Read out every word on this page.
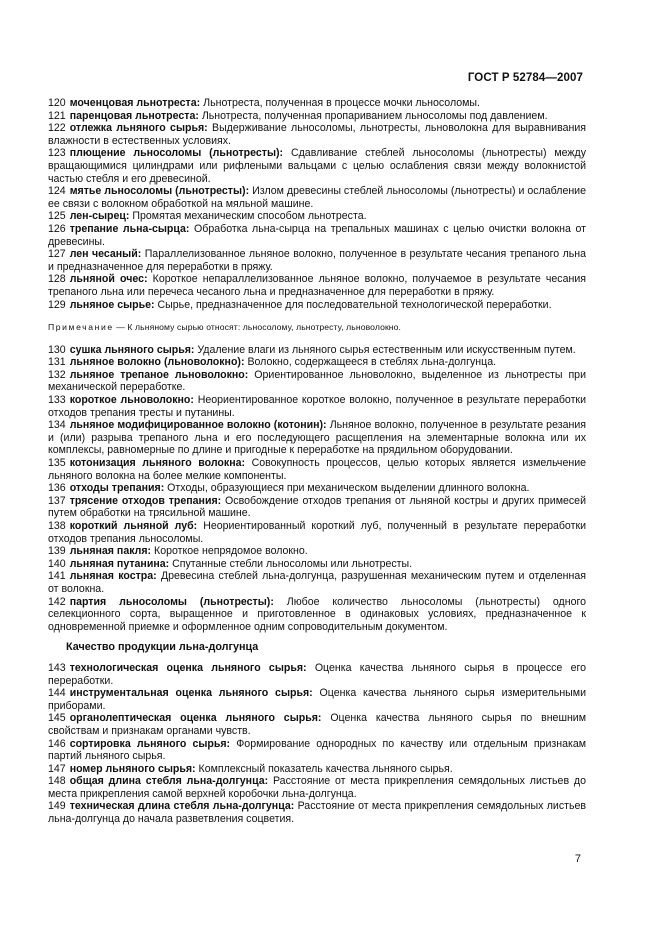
ГОСТ Р 52784—2007

120 моченцовая льнотреста: Льнотреста, полученная в процессе мочки льносоломы.

121 паренцовая льнотреста: Льнотреста, полученная пропариванием льносоломы под давлением.

122 отлежка льняного сырья: Выдерживание льносоломы, льнотресты, льноволокна для выравнивания влажности в естественных условиях.

123 плющение льносоломы (льнотресты): Сдавливание стеблей льносоломы (льнотресты) между вращающимися цилиндрами или рифлеными вальцами с целью ослабления связи между волокнистой частью стебля и его древесиной.

124 мятье льносоломы (льнотресты): Излом древесины стеблей льносоломы (льнотресты) и ослабление ее связи с волокном обработкой на мяльной машине.

125 лен-сырец: Промятая механическим способом льнотреста.

126 трепание льна-сырца: Обработка льна-сырца на трепальных машинах с целью очистки волокна от древесины.

127 лен чесаный: Параллелизованное льняное волокно, полученное в результате чесания трепаного льна и предназначенное для переработки в пряжу.

128 льняной очес: Короткое непараллелизованное льняное волокно, получаемое в результате чесания трепаного льна или перечеса чесаного льна и предназначенное для переработки в пряжу.

129 льняное сырье: Сырье, предназначенное для последовательной технологической переработки.

Примечание — К льняному сырью относят: льносолому, льнотресту, льноволокно.

130 сушка льняного сырья: Удаление влаги из льняного сырья естественным или искусственным путем.

131 льняное волокно (льноволокно): Волокно, содержащееся в стеблях льна-долгунца.

132 льняное трепаное льноволокно: Ориентированное льноволокно, выделенное из льнотресты при механической переработке.

133 короткое льноволокно: Неориентированное короткое волокно, полученное в результате переработки отходов трепания тресты и путанины.

134 льняное модифицированное волокно (котонин): Льняное волокно, полученное в результате резания и (или) разрыва трепаного льна и его последующего расщепления на элементарные волокна или их комплексы, равномерные по длине и пригодные к переработке на прядильном оборудовании.

135 котонизация льняного волокна: Совокупность процессов, целью которых является измельчение льняного волокна на более мелкие компоненты.

136 отходы трепания: Отходы, образующиеся при механическом выделении длинного волокна.

137 трясение отходов трепания: Освобождение отходов трепания от льняной костры и других примесей путем обработки на трясильной машине.

138 короткий льняной луб: Неориентированный короткий луб, полученный в результате переработки отходов трепания льносоломы.

139 льняная пакля: Короткое непрядомое волокно.

140 льняная путанина: Спутанные стебли льносоломы или льнотресты.

141 льняная костра: Древесина стеблей льна-долгунца, разрушенная механическим путем и отделенная от волокна.

142 партия льносоломы (льнотресты): Любое количество льносоломы (льнотресты) одного селекционного сорта, выращенное и приготовленное в одинаковых условиях, предназначенное к одновременной приемке и оформленное одним сопроводительным документом.

Качество продукции льна-долгунца

143 технологическая оценка льняного сырья: Оценка качества льняного сырья в процессе его переработки.

144 инструментальная оценка льняного сырья: Оценка качества льняного сырья измерительными приборами.

145 органолептическая оценка льняного сырья: Оценка качества льняного сырья по внешним свойствам и признакам органами чувств.

146 сортировка льняного сырья: Формирование однородных по качеству или отдельным признакам партий льняного сырья.

147 номер льняного сырья: Комплексный показатель качества льняного сырья.

148 общая длина стебля льна-долгунца: Расстояние от места прикрепления семядольных листьев до места прикрепления самой верхней коробочки льна-долгунца.

149 техническая длина стебля льна-долгунца: Расстояние от места прикрепления семядольных листьев льна-долгунца до начала разветвления соцветия.

7
